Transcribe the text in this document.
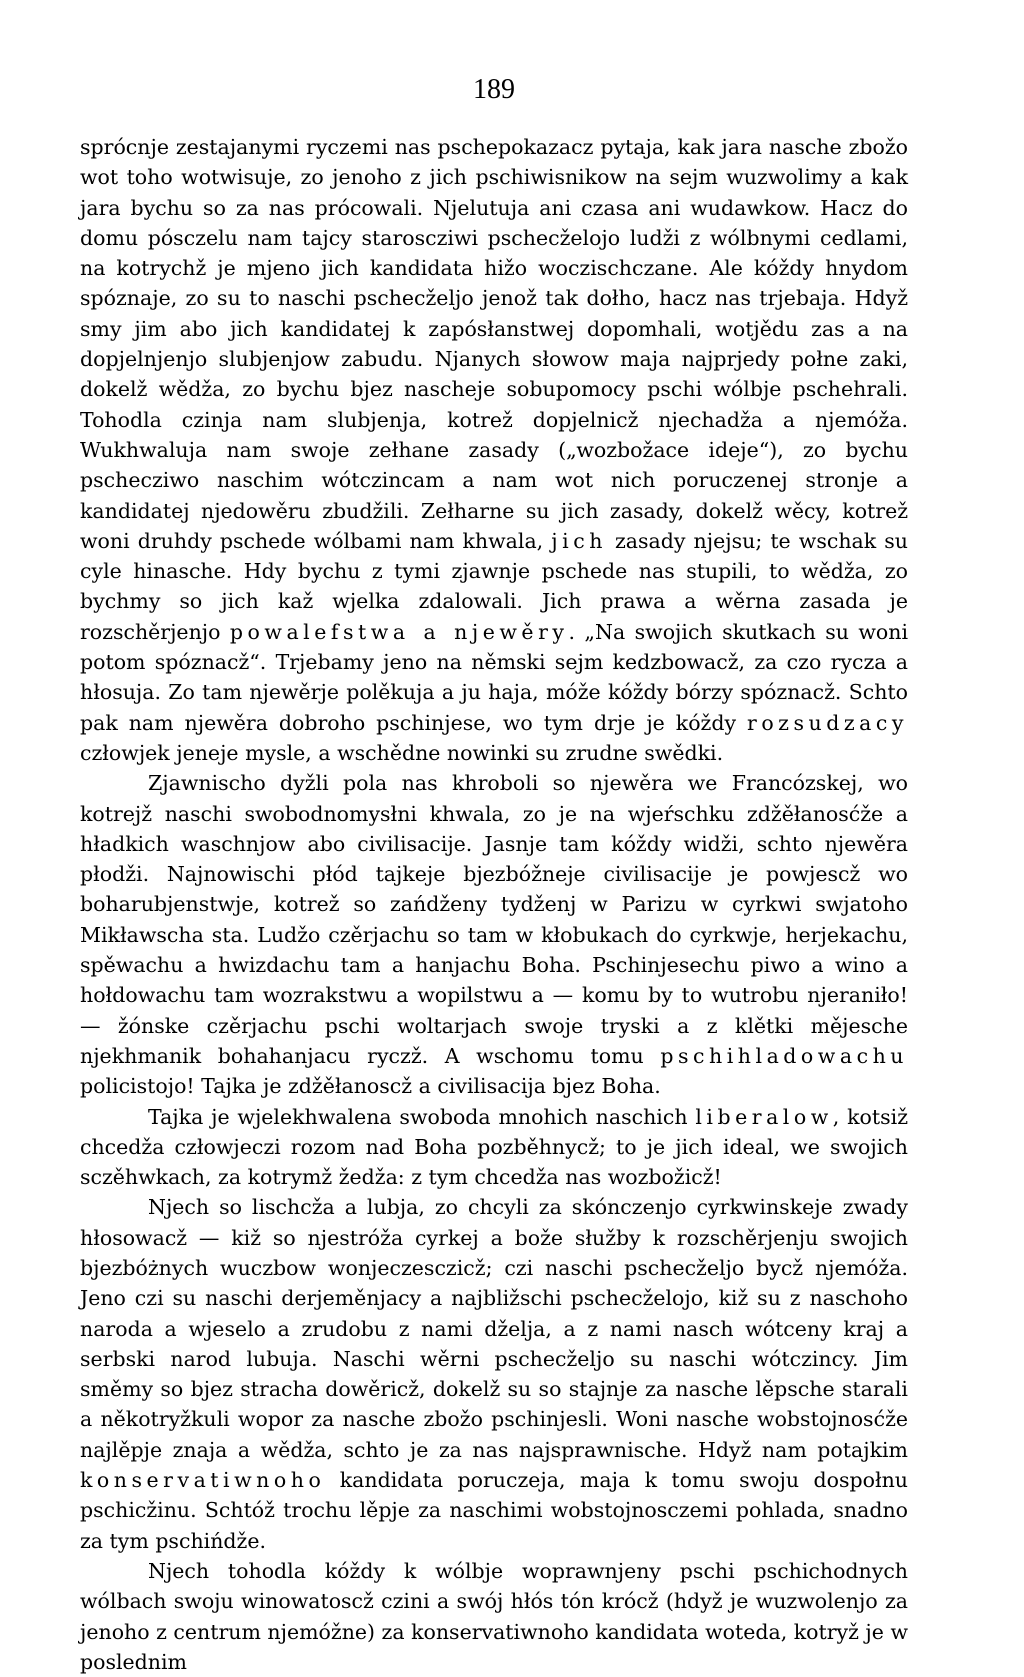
189

sprócnje zestajanymi ryczemi nas pschepokazacz pytaja, kak jara nasche zbožo wot toho wotwisuje, zo jenoho z jich pschiwisnikow na sejm wuzwolimy a kak jara bychu so za nas prócowali. Njelutuja ani czasa ani wudawkow. Hacz do domu pósczelu nam tajcy staroscziwi pschecželojo ludži z wólbnymi cedlami, na kotrychž je mjeno jich kandidata hižo woczischczane. Ale kóždy hnydom spóznaje, zo su to naschi pschecželjo jenož tak dołho, hacz nas trjebaja. Hdyž smy jim abo jich kandidatej k zapósłanstwej dopomhali, wotjědu zas a na dopjelnjenjo slubjenjow zabudu. Njanych słowow maja najprjedy połne zaki, dokelž wědža, zo bychu bjez nascheje sobupomocy pschi wólbje pschehrali. Tohodla czinja nam slubjenja, kotrež dopjelnicž njechadža a njemóža. Wukhwaluja nam swoje zełhane zasady („wozbožace ideje“), zo bychu pschecziwo naschim wótczincam a nam wot nich poruczenej stronje a kandidatej njedowěru zbudžili. Zełharne su jich zasady, dokelž wěcy, kotrež woni druhdy pschede wólbami nam khwala, jich zasady njejsu; te wschak su cyle hinasche. Hdy bychu z tymi zjawnje pschede nas stupili, to wědža, zo bychmy so jich kaž wjelka zdalowali. Jich prawa a wěrna zasada je rozschěrjenjo powalefstwa a njewěry. „Na swojich skutkach su woni potom spóznacž“. Trjebamy jeno na němski sejm kedzbowacž, za czo rycza a hłosuja. Zo tam njewěrje polěkuja a ju haja, móže kóždy bórzy spóznacž. Schto pak nam njewěra dobroho pschinjese, wo tym drje je kóždy rozsudzacy człowjek jeneje mysle, a wschědne nowinki su zrudne swědki.

Zjawnischo dyžli pola nas khroboli so njewěra we Francózskej, wo kotrejž naschi swobodnomysłni khwala, zo je na wjeŕschku zdžěłanosćže a hładkich waschnjow abo civilisacije. Jasnje tam kóždy widži, schto njewěra płodži. Najnowischi płód tajkeje bjezbóžneje civilisacije je powjescž wo boharubjenstwje, kotrež so zańdženy tydženj w Parizu w cyrkwi swjatoho Mikławscha sta. Ludžo czěrjachu so tam w kłobukach do cyrkwje, herjekachu, spěwachu a hwizdachu tam a hanjachu Boha. Pschinjesechu piwo a wino a hołdowachu tam wozrakstwu a wopilstwu a — komu by to wutrobu njeraniło! — žónske czěrjachu pschi woltarjach swoje tryski a z klětki mějesche njekhmanik bohahanjacu ryczž. A wschomu tomu pschihladowachu policistojo! Tajka je zdžěłanoscž a civilisacija bjez Boha.

Tajka je wjelekhwalena swoboda mnohich naschich liberalow, kotsiž chcedža człowjeczi rozom nad Boha pozběhnycž; to je jich ideal, we swojich sczěhwkach, za kotrymž žedža: z tym chcedža nas wozbožicž!

Njech so lischcža a lubja, zo chcyli za skónczenjo cyrkwinskeje zwady hłosowacž — kiž so njestróža cyrkej a bože słužby k rozschěrjenju swojich bjezbóżnych wuczbow wonjeczesczicž; czi naschi pschecželjo bycž njemóža. Jeno czi su naschi derjeměnjacy a najbližschi pschecželojo, kiž su z naschoho naroda a wjeselo a zrudobu z nami dželja, a z nami nasch wótceny kraj a serbski narod lubuja. Naschi wěrni pschecželjo su naschi wótczincy. Jim směmy so bjez stracha dowěricž, dokelž su so stajnje za nasche lěpsche starali a někotryžkuli wopor za nasche zbožo pschinjesli. Woni nasche wobstojnosćže najlěpje znaja a wědža, schto je za nas najsprawnische. Hdyž nam potajkim konservatiwnoho kandidata poruczeja, maja k tomu swoju dospołnu pschicžinu. Schtóž trochu lěpje za naschimi wobstojnosczemi pohlada, snadno za tym pschińdže.

Njech tohodla kóždy k wólbje woprawnjeny pschi pschichodnych wólbach swoju winowatoscž czini a swój hłós tón krócž (hdyž je wuzwolenjo za jenoho z centrum njemóžne) za konservatiwnoho kandidata woteda, kotryž je w poslednim
